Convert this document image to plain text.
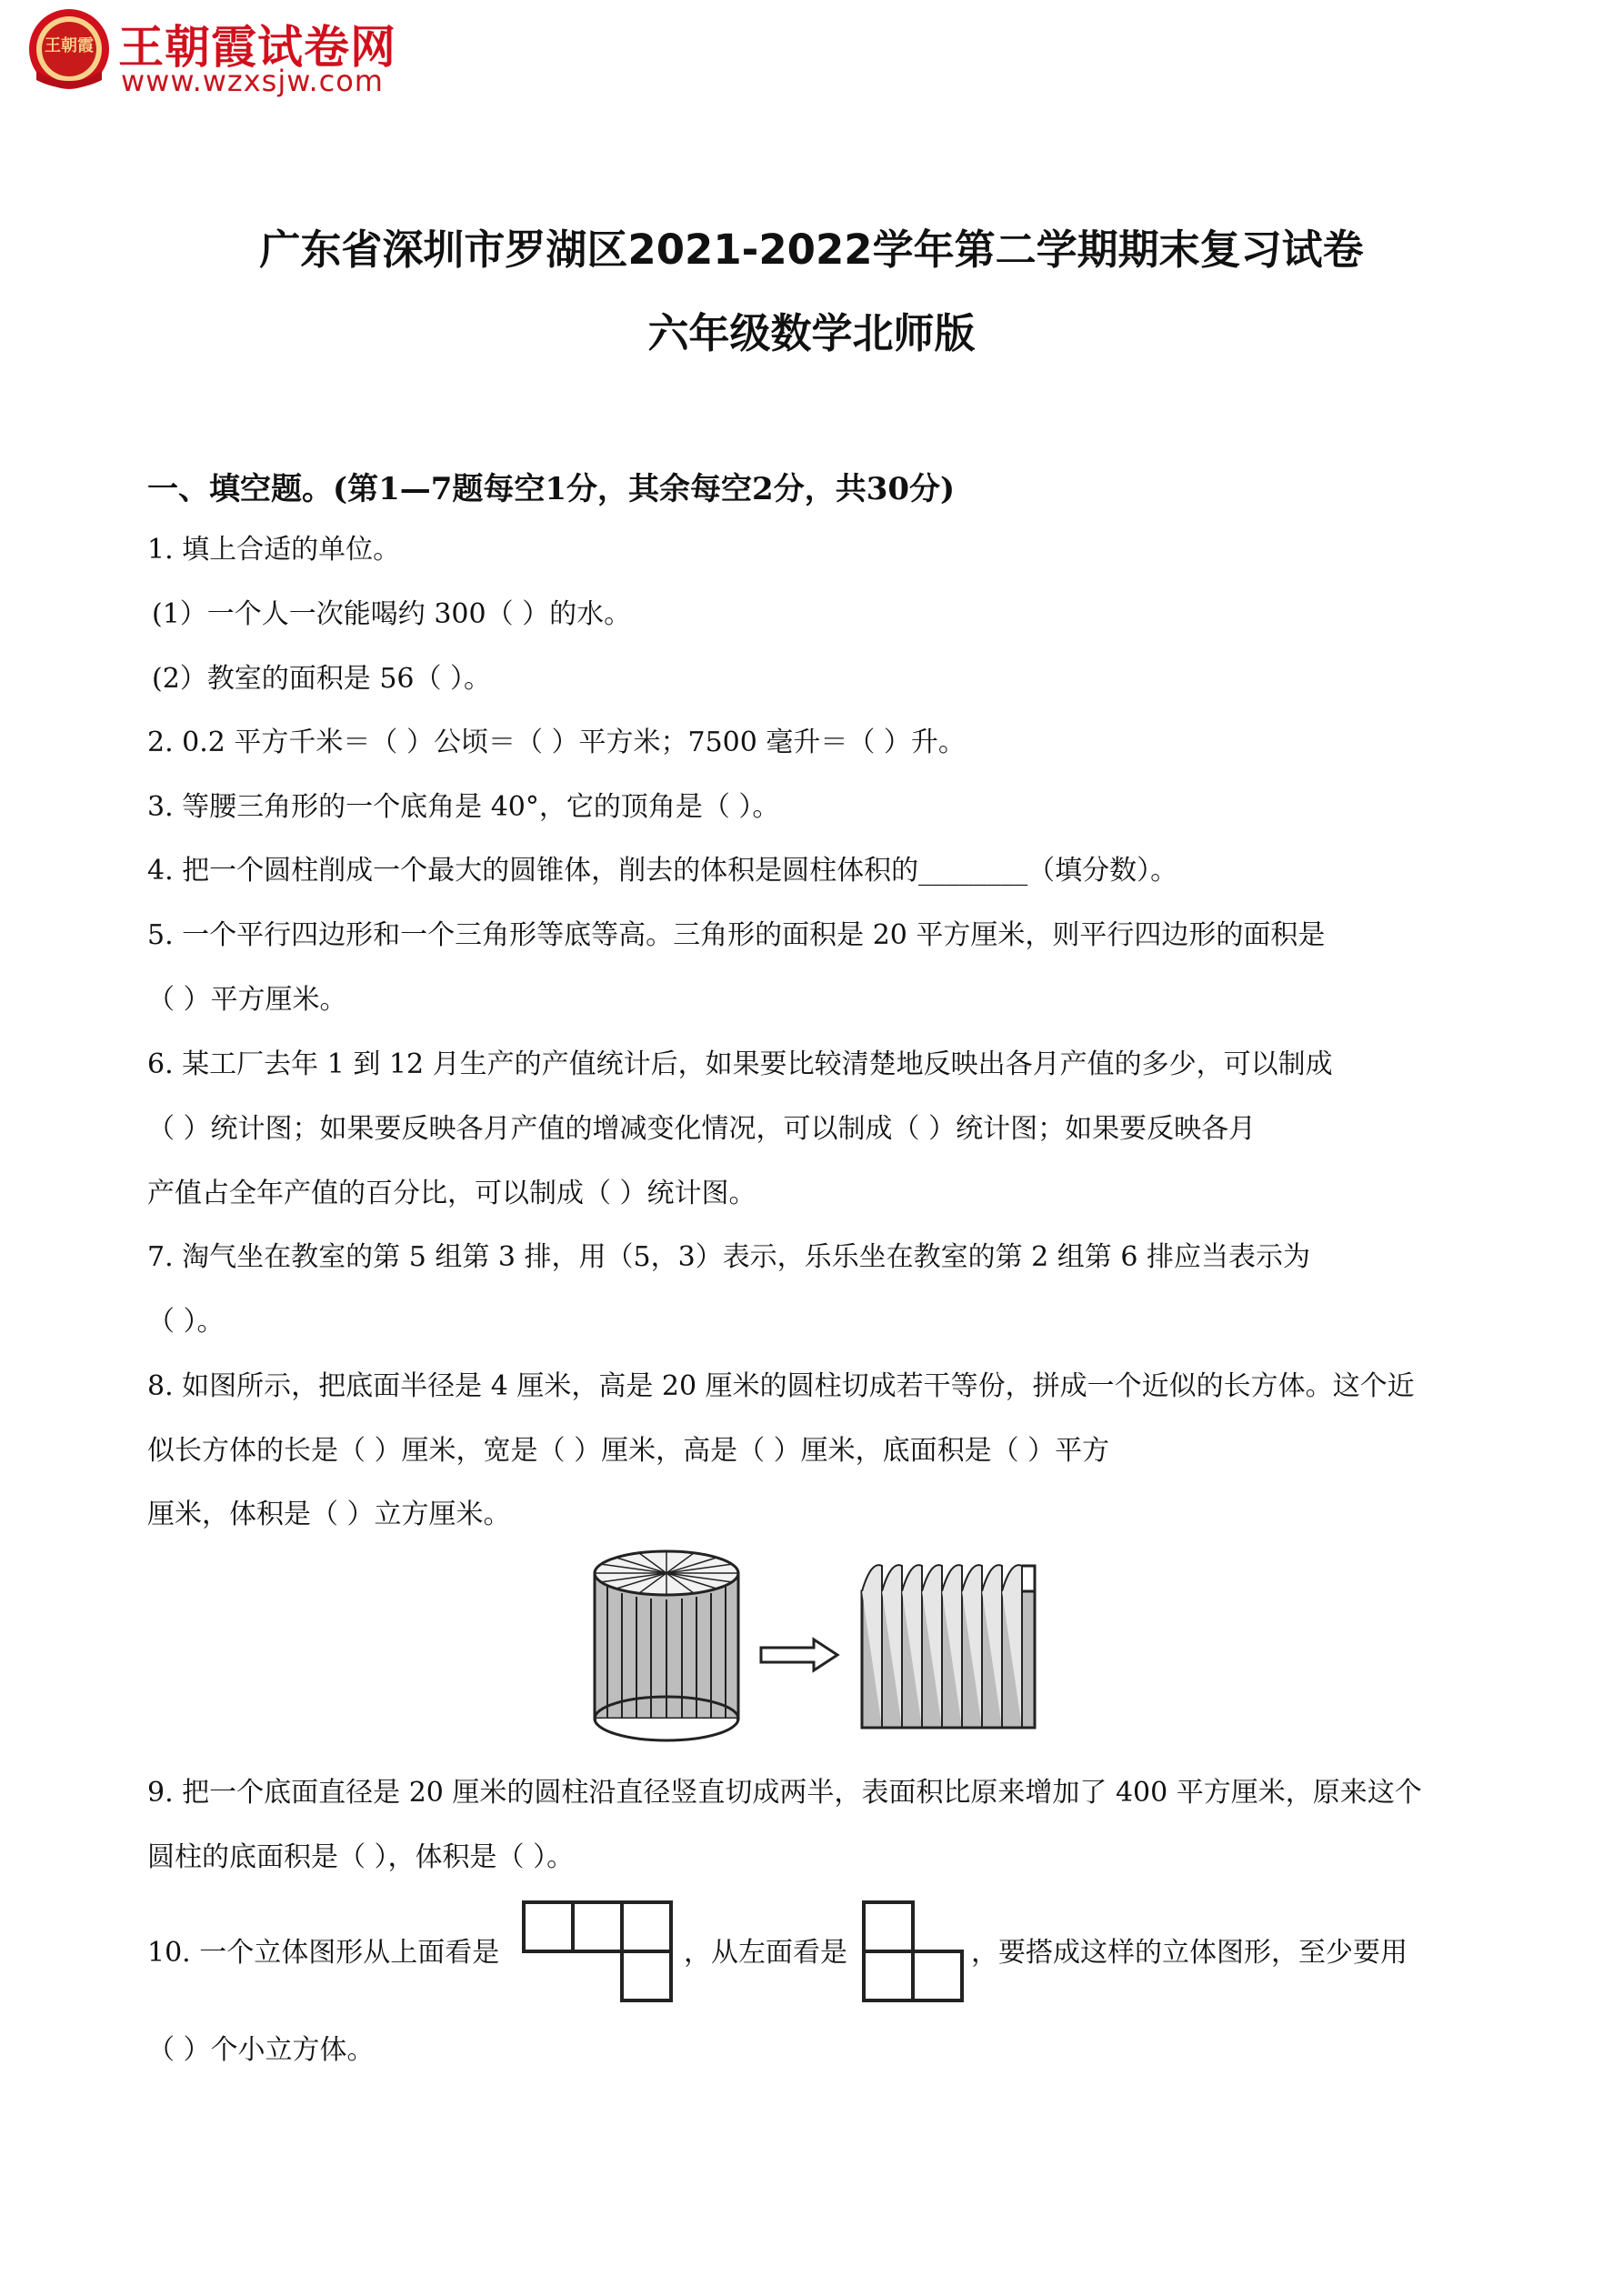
王朝霞 王朝霞试卷网
www.wzxsjw.com
广东省深圳市罗湖区2021-2022学年第二学期期末复习试卷
六年级数学北师版
一、填空题。(第1—7题每空1分，其余每空2分，共30分)
1. 填上合适的单位。
(1）一个人一次能喝约 300（ ）的水。
(2）教室的面积是 56（ ）。
2. 0.2 平方千米＝（ ）公顷＝（ ）平方米；7500 毫升＝（ ）升。
3. 等腰三角形的一个底角是 40°，它的顶角是（ ）。
4. 把一个圆柱削成一个最大的圆锥体，削去的体积是圆柱体积的________（填分数）。
5. 一个平行四边形和一个三角形等底等高。三角形的面积是 20 平方厘米，则平行四边形的面积是
（ ）平方厘米。
6. 某工厂去年 1 到 12 月生产的产值统计后，如果要比较清楚地反映出各月产值的多少，可以制成
（ ）统计图；如果要反映各月产值的增减变化情况，可以制成（ ）统计图；如果要反映各月
产值占全年产值的百分比，可以制成（ ）统计图。
7. 淘气坐在教室的第 5 组第 3 排，用（5，3）表示，乐乐坐在教室的第 2 组第 6 排应当表示为
（ ）。
8. 如图所示，把底面半径是 4 厘米，高是 20 厘米的圆柱切成若干等份，拼成一个近似的长方体。这个近
似长方体的长是（ ）厘米，宽是（ ）厘米，高是（ ）厘米，底面积是（ ）平方
厘米，体积是（ ）立方厘米。
9. 把一个底面直径是 20 厘米的圆柱沿直径竖直切成两半，表面积比原来增加了 400 平方厘米，原来这个
圆柱的底面积是（ ），体积是（ ）。
10. 一个立体图形从上面看是	，从左面看是	，要搭成这样的立体图形，至少要用
（ ）个小立方体。
